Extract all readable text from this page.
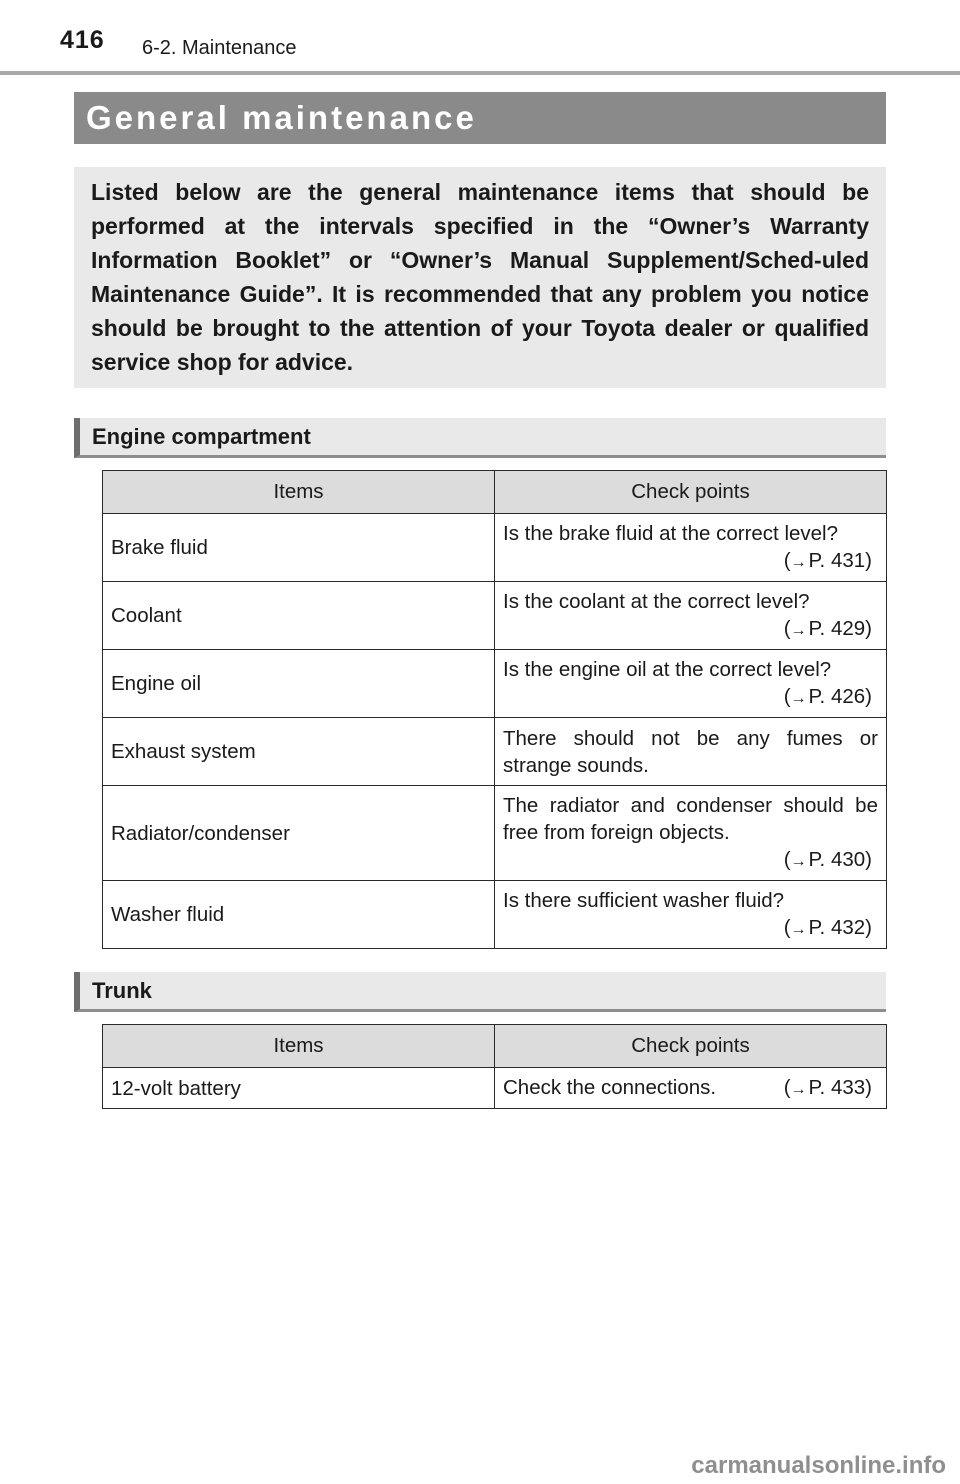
416 6-2. Maintenance
General maintenance

Listed below are the general maintenance items that should be performed at the intervals specified in the “Owner’s Warranty Information Booklet” or “Owner’s Manual Supplement/Sched-uled Maintenance Guide”. It is recommended that any problem you notice should be brought to the attention of your Toyota dealer or qualified service shop for advice.

Engine compartment
Items	Check points
Brake fluid	Is the brake fluid at the correct level?
(→P. 431)

Coolant	Is the coolant at the correct level?
(→P. 429)

Engine oil	Is the engine oil at the correct level?
(→P. 426)

Exhaust system	There should not be any fumes or strange sounds.
Radiator/condenser	The radiator and condenser should be free from foreign objects.
(→P. 430)

Washer fluid	Is there sufficient washer fluid?
(→P. 432)
Trunk
Items	Check points
12-volt battery	Check the connections. (→P. 433)
carmanualsonline.info
